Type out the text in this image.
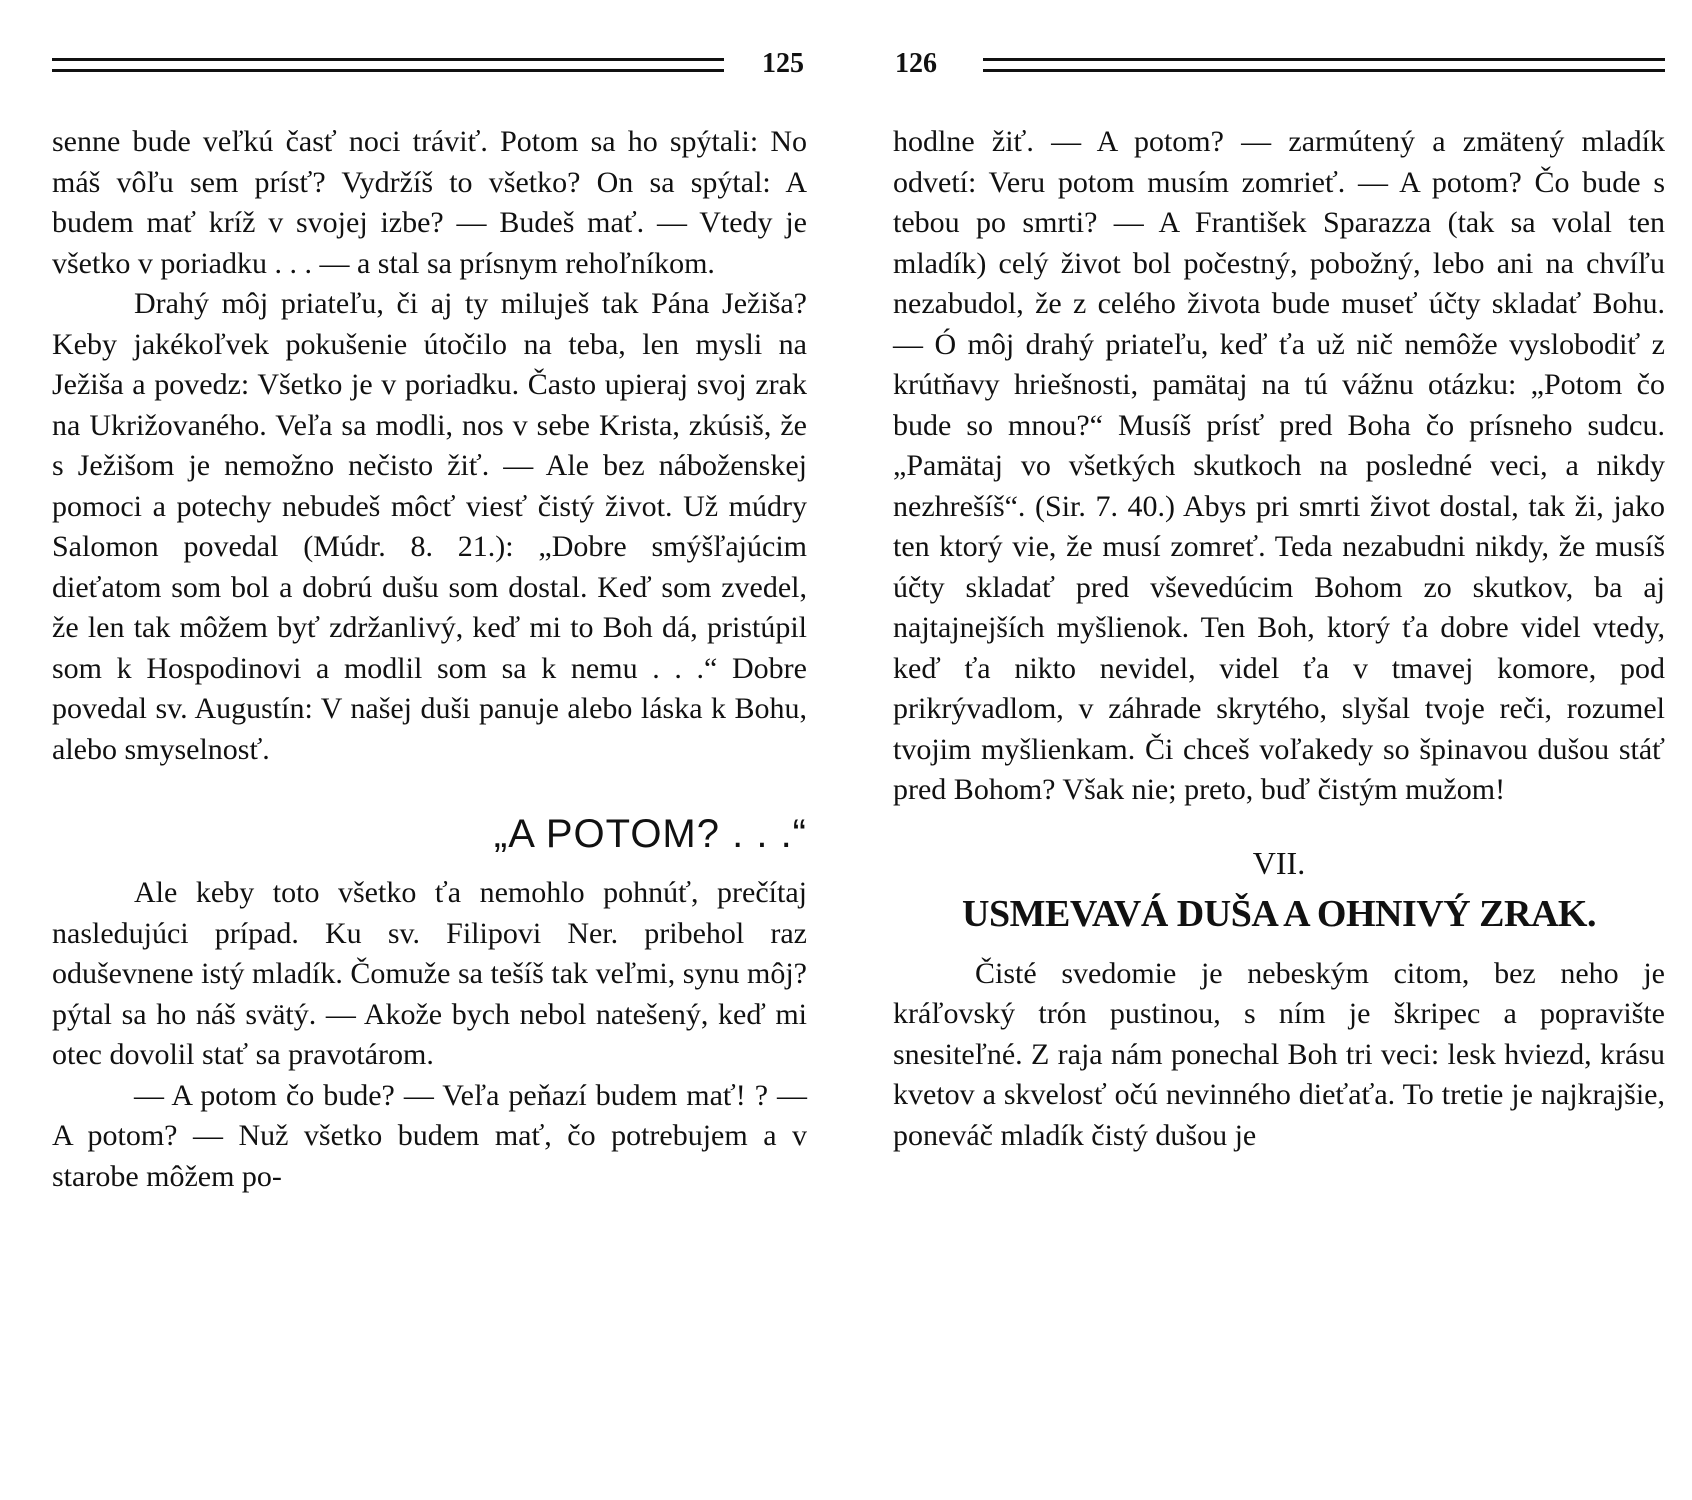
125

senne bude veľkú časť noci tráviť. Potom sa ho spýtali: No máš vôľu sem prísť? Vydržíš to všetko? On sa spýtal: A budem mať kríž v svojej izbe? — Budeš mať. — Vtedy je všetko v poriadku . . . — a stal sa prísnym rehoľníkom.

Drahý môj priateľu, či aj ty miluješ tak Pána Ježiša? Keby jakékoľvek pokušenie útočilo na teba, len mysli na Ježiša a povedz: Všetko je v poriadku. Často upieraj svoj zrak na Ukrižovaného. Veľa sa modli, nos v sebe Krista, zkúsiš, že s Ježišom je nemožno nečisto žiť. — Ale bez náboženskej pomoci a potechy nebudeš môcť viesť čistý život. Už múdry Salomon povedal (Múdr. 8. 21.): „Dobre smýšľajúcim dieťatom som bol a dobrú dušu som dostal. Keď som zvedel, že len tak môžem byť zdržanlivý, keď mi to Boh dá, pristúpil som k Hospodinovi a modlil som sa k nemu . . .“ Dobre povedal sv. Augustín: V našej duši panuje alebo láska k Bohu, alebo smyselnosť.

„A POTOM? . . .“

Ale keby toto všetko ťa nemohlo pohnúť, prečítaj nasledujúci prípad. Ku sv. Filipovi Ner. pribehol raz oduševnene istý mladík. Čomuže sa tešíš tak veľmi, synu môj? pýtal sa ho náš svätý. — Akože bych nebol natešený, keď mi otec dovolil stať sa pravotárom.

— A potom čo bude? — Veľa peňazí budem mať! ? — A potom? — Nuž všetko budem mať, čo potrebujem a v starobe môžem po-

126

hodlne žiť. — A potom? — zarmútený a zmätený mladík odvetí: Veru potom musím zomrieť. — A potom? Čo bude s tebou po smrti? — A František Sparazza (tak sa volal ten mladík) celý život bol počestný, pobožný, lebo ani na chvíľu nezabudol, že z celého života bude museť účty skladať Bohu. — Ó môj drahý priateľu, keď ťa už nič nemôže vyslobodiť z krútňavy hriešnosti, pamätaj na tú vážnu otázku: „Potom čo bude so mnou?“ Musíš prísť pred Boha čo prísneho sudcu. „Pamätaj vo všetkých skutkoch na posledné veci, a nikdy nezhrešíš“. (Sir. 7. 40.) Abys pri smrti život dostal, tak ži, jako ten ktorý vie, že musí zomreť. Teda nezabudni nikdy, že musíš účty skladať pred vševedúcim Bohom zo skutkov, ba aj najtajnejších myšlienok. Ten Boh, ktorý ťa dobre videl vtedy, keď ťa nikto nevidel, videl ťa v tmavej komore, pod prikrývadlom, v záhrade skrytého, slyšal tvoje reči, rozumel tvojim myšlienkam. Či chceš voľakedy so špinavou dušou stáť pred Bohom? Však nie; preto, buď čistým mužom!

VII.
USMEVAVÁ DUŠA A OHNIVÝ ZRAK.

Čisté svedomie je nebeským citom, bez neho je kráľovský trón pustinou, s ním je škripec a popravište snesiteľné. Z raja nám ponechal Boh tri veci: lesk hviezd, krásu kvetov a skvelosť očú nevinného dieťaťa. To tretie je najkrajšie, poneváč mladík čistý dušou je
